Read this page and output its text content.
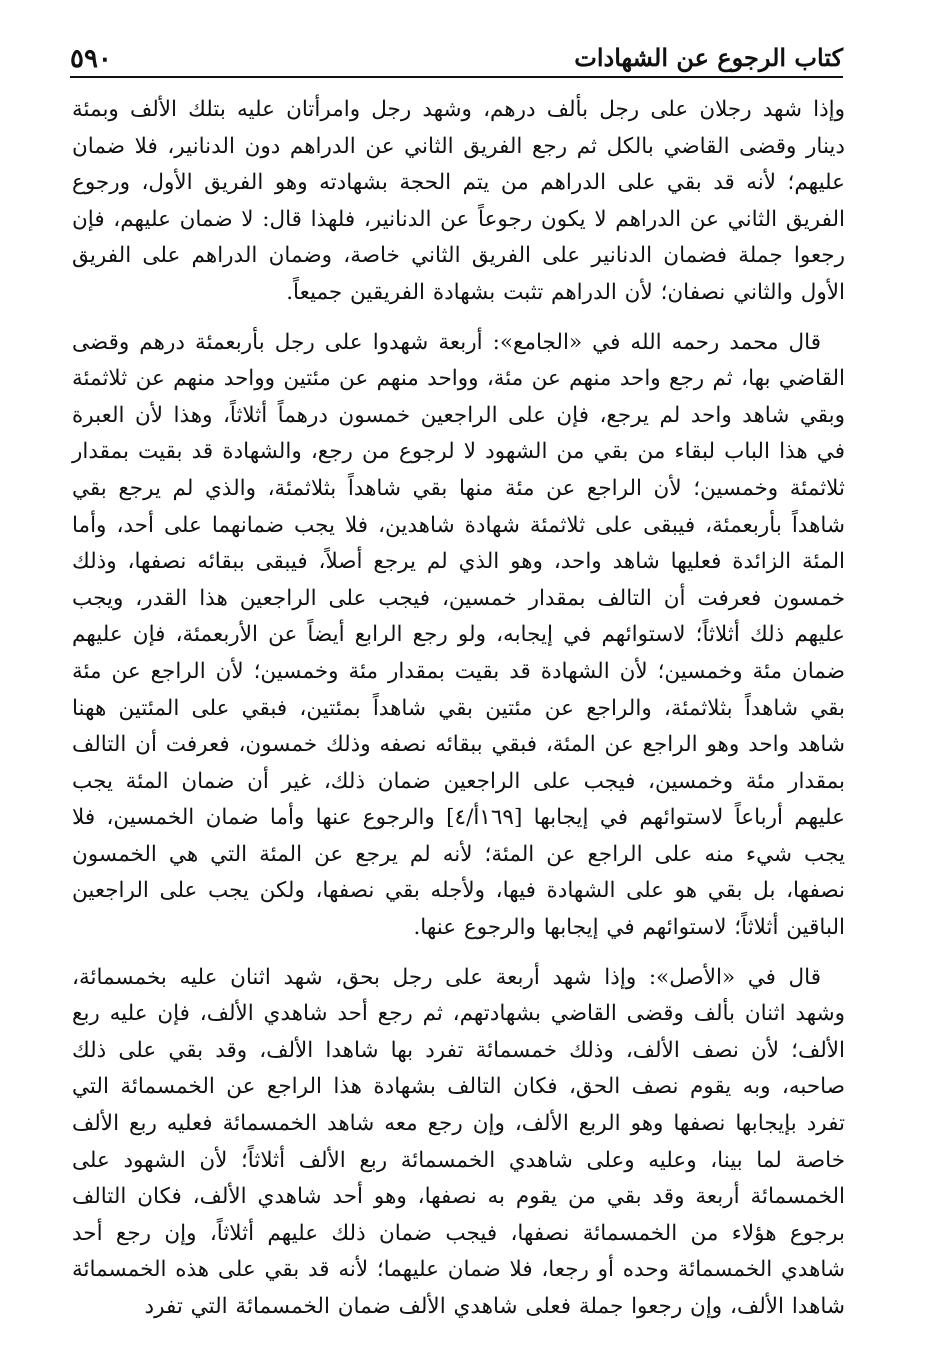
كتاب الرجوع عن الشهادات
٥٩٠

وإذا شهد رجلان على رجل بألف درهم، وشهد رجل وامرأتان عليه بتلك الألف وبمئة دينار وقضى القاضي بالكل ثم رجع الفريق الثاني عن الدراهم دون الدنانير، فلا ضمان عليهم؛ لأنه قد بقي على الدراهم من يتم الحجة بشهادته وهو الفريق الأول، ورجوع الفريق الثاني عن الدراهم لا يكون رجوعاً عن الدنانير، فلهذا قال: لا ضمان عليهم، فإن رجعوا جملة فضمان الدنانير على الفريق الثاني خاصة، وضمان الدراهم على الفريق الأول والثاني نصفان؛ لأن الدراهم تثبت بشهادة الفريقين جميعاً.

قال محمد رحمه الله في «الجامع»: أربعة شهدوا على رجل بأربعمئة درهم وقضى القاضي بها، ثم رجع واحد منهم عن مئة، وواحد منهم عن مئتين وواحد منهم عن ثلاثمئة وبقي شاهد واحد لم يرجع، فإن على الراجعين خمسون درهماً أثلاثاً، وهذا لأن العبرة في هذا الباب لبقاء من بقي من الشهود لا لرجوع من رجع، والشهادة قد بقيت بمقدار ثلاثمئة وخمسين؛ لأن الراجع عن مئة منها بقي شاهداً بثلاثمئة، والذي لم يرجع بقي شاهداً بأربعمئة، فيبقى على ثلاثمئة شهادة شاهدين، فلا يجب ضمانهما على أحد، وأما المئة الزائدة فعليها شاهد واحد، وهو الذي لم يرجع أصلاً، فيبقى ببقائه نصفها، وذلك خمسون فعرفت أن التالف بمقدار خمسين، فيجب على الراجعين هذا القدر، ويجب عليهم ذلك أثلاثاً؛ لاستوائهم في إيجابه، ولو رجع الرابع أيضاً عن الأربعمئة، فإن عليهم ضمان مئة وخمسين؛ لأن الشهادة قد بقيت بمقدار مئة وخمسين؛ لأن الراجع عن مئة بقي شاهداً بثلاثمئة، والراجع عن مئتين بقي شاهداً بمئتين، فبقي على المئتين ههنا شاهد واحد وهو الراجع عن المئة، فبقي ببقائه نصفه وذلك خمسون، فعرفت أن التالف بمقدار مئة وخمسين، فيجب على الراجعين ضمان ذلك، غير أن ضمان المئة يجب عليهم أرباعاً لاستوائهم في إيجابها [١٦٩أ/٤] والرجوع عنها وأما ضمان الخمسين، فلا يجب شيء منه على الراجع عن المئة؛ لأنه لم يرجع عن المئة التي هي الخمسون نصفها، بل بقي هو على الشهادة فيها، ولأجله بقي نصفها، ولكن يجب على الراجعين الباقين أثلاثاً؛ لاستوائهم في إيجابها والرجوع عنها.

قال في «الأصل»: وإذا شهد أربعة على رجل بحق، شهد اثنان عليه بخمسمائة، وشهد اثنان بألف وقضى القاضي بشهادتهم، ثم رجع أحد شاهدي الألف، فإن عليه ربع الألف؛ لأن نصف الألف، وذلك خمسمائة تفرد بها شاهدا الألف، وقد بقي على ذلك صاحبه، وبه يقوم نصف الحق، فكان التالف بشهادة هذا الراجع عن الخمسمائة التي تفرد بإيجابها نصفها وهو الربع الألف، وإن رجع معه شاهد الخمسمائة فعليه ربع الألف خاصة لما بينا، وعليه وعلى شاهدي الخمسمائة ربع الألف أثلاثاً؛ لأن الشهود على الخمسمائة أربعة وقد بقي من يقوم به نصفها، وهو أحد شاهدي الألف، فكان التالف برجوع هؤلاء من الخمسمائة نصفها، فيجب ضمان ذلك عليهم أثلاثاً، وإن رجع أحد شاهدي الخمسمائة وحده أو رجعا، فلا ضمان عليهما؛ لأنه قد بقي على هذه الخمسمائة شاهدا الألف، وإن رجعوا جملة فعلى شاهدي الألف ضمان الخمسمائة التي تفرد
